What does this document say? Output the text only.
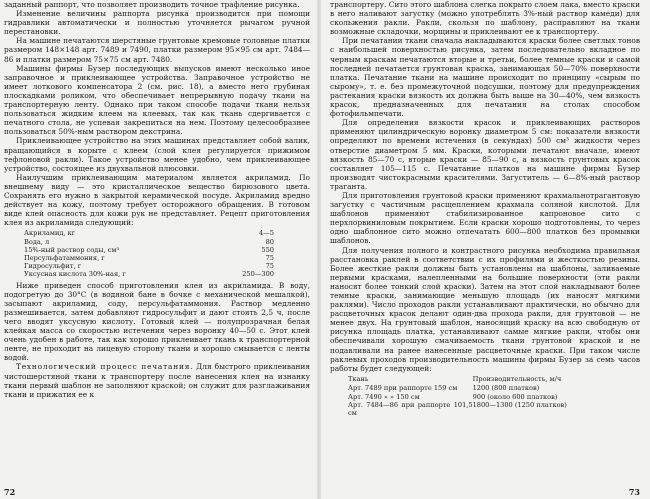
заданный раппорт, что позволяет производить точное трафление рисунка.

Изменение величины раппорта рисунка производится при помощи гидравлики автоматически и полностью уточняется рычагом ручной перестановки.

На машине печатаются шерстяные грунтовые кремовые головные платки размером 148×148 арт. 7489 и 7490, платки размером 95×95 см арт. 7484—86 и платки размером 75×75 см арт. 7480.

Машины фирмы Бузер последующих выпусков имеют несколько иное заправочное и приклеивающее устройства. Заправочное устройство не имеет лоткового компенсатора 2 (см. рис. 18), а вместо него грубиная плоскадками роликом, что обеспечивает непрерывную подачу ткани на транспортерную ленту. Однако при таком способе подачи ткани нельзя пользоваться жидким клеем на клеевых, так как ткань сдергивается с печатного стола, не успевая закрепиться на нем. Поэтому целесообразнее пользоваться 50%-ным раствором декстрина.

Приклеивающее устройство на этих машинах представляет собой валик, вращающийся в корыте с клеем (слой клея регулируется прижимом тефлоновой ракли). Такое устройство менее удобно, чем приклеивающее устройство, состоящее из двухвальной плюсовки.

Наилучшим приклеивающим материалом является акриламид. По внешнему виду — это кристаллическое вещество бирюзового цвета. Сохранять его нужно в закрытой керамической посуде. Акриламид вредно действует на кожу, поэтому требует осторожного обращения. В готовом виде клей опасность для кожи рук не представляет. Рецепт приготовления клея из акриламида следующий:

Акриламид, кг	4—5
Вода, л	80
15%-ный раствор соды, см³	550
Персульфатаммония, г	75
Гидросульфит, г	75
Уксусная кислота 30%-ная, г	250—300

Ниже приведен способ приготовления клея из акриламида. В воду, подогретую до 30°С (в водяной бане в бочке с механической мешалкой), засыпают акриламид, соду, персульфатаммония. Раствор медленно размешивается, затем добавляют гидросульфит и дают стоять 2,5 ч, после чего вводят уксусную кислоту. Готовый клей — полупрозрачная белая клейкая масса со скоростью истечения через воронку 40—50 с. Этот клей очень удобен в работе, так как хорошо приклеивает ткань к транспортерной ленте, не проходит на лицевую сторону ткани и хорошо смывается с ленты водой.

Технологический процесс печатания. Для быстрого приклеивания чистошерстяной ткани к транспортеру после нанесения клея на изнанку ткани первый шаблон не заполняют краской; он служит для разглаживания ткани и прижатия ее к

72

транспортеру. Сито этого шаблона слегка покрыто слоем лака, вместо краски в него наливают загустку (можно употреблять 3%-ный раствор камеди) для скольжения ракли. Ракли, скользя по шаблону, расправляют на ткани возможные складочки, морщины и приклеивают ее к транспортеру.

При печатании ткани сначала накладываются краски более светлых тонов с наибольшей поверхностью рисунка, затем последовательно вкладное по черным краскам печатаются вторые и третьи, более темные краски и самой последней печатается грунтовая краска, занимающая 50—70% поверхности платка. Печатание ткани на машине происходит по принципу «сырым по сырому», т. е. без промежуточной подсушки, поэтому для предупреждения растекания краски вязкость их должна быть выше на 30—40%, чем вязкость красок, предназначенных для печатания на столах способом фотофильмпечати.

Для определения вязкости красок и приклеивающих растворов применяют цилиндрическую воронку диаметром 5 см: показатели вязкости определяют по времени истечения (в секундах) 500 см³ жидкости через отверстие диаметром 5 мм. Краски, которыми печатают вначале, имеют вязкость 85—70 с, вторые краски — 85—90 с, а вязкость грунтовых красок составляет 105—115 с. Печатание платков на машине фирмы Бузер производят чистокрасными красителями. Загуститель — 6—8%-ный раствор траганта.

Для приготовления грунтовой краски применяют крахмальнотрагантовую загустку с частичным расщеплением крахмала соляной кислотой. Для шаблонов применяют стабилизированное капроновое сито с перхлорвиниловым покрытием. Если краски хорошо подготовлены, то через одно шаблонное сито можно отпечатать 600—800 платков без промывки шаблонов.

Для получения полного и контрастного рисунка необходима правильная расстановка раклей в соответствии с их профилями и жесткостью резины. Более жесткие ракли должны быть установлены на шаблоны, заливаемые первыми красками, налепленными на большие поверхности (эти ракли наносят более тонкий слой краски). Затем на этот слой накладывают более темные краски, занимающие меньшую площадь (их наносят мягкими раклями). Число проходов ракли устанавливают практически, но обычно для расцветочных красок делают один-два прохода ракли, для грунтовой — не менее двух. На грунтовый шаблон, наносящий краску на всю свободную от рисунка площадь платка, устанавливают самые мягкие ракли, чтобы они обеспечивали хорошую смачиваемость ткани грунтовой краской и не подавливали на ранее нанесенные расцветочные краски. При таком числе раклевых проходов производительность машины фирмы Бузер за семь часов работы будет следующей:

Ткань	Производительность, м/ч
Арт. 7489 при раппорте 159 см	1200 (800 платков)
Арт. 7490 » » 150 см	900 (около 600 платков)
Арт. 7484—86 при раппорте 101,5 см	1800—1300 (1250 платков)
73
